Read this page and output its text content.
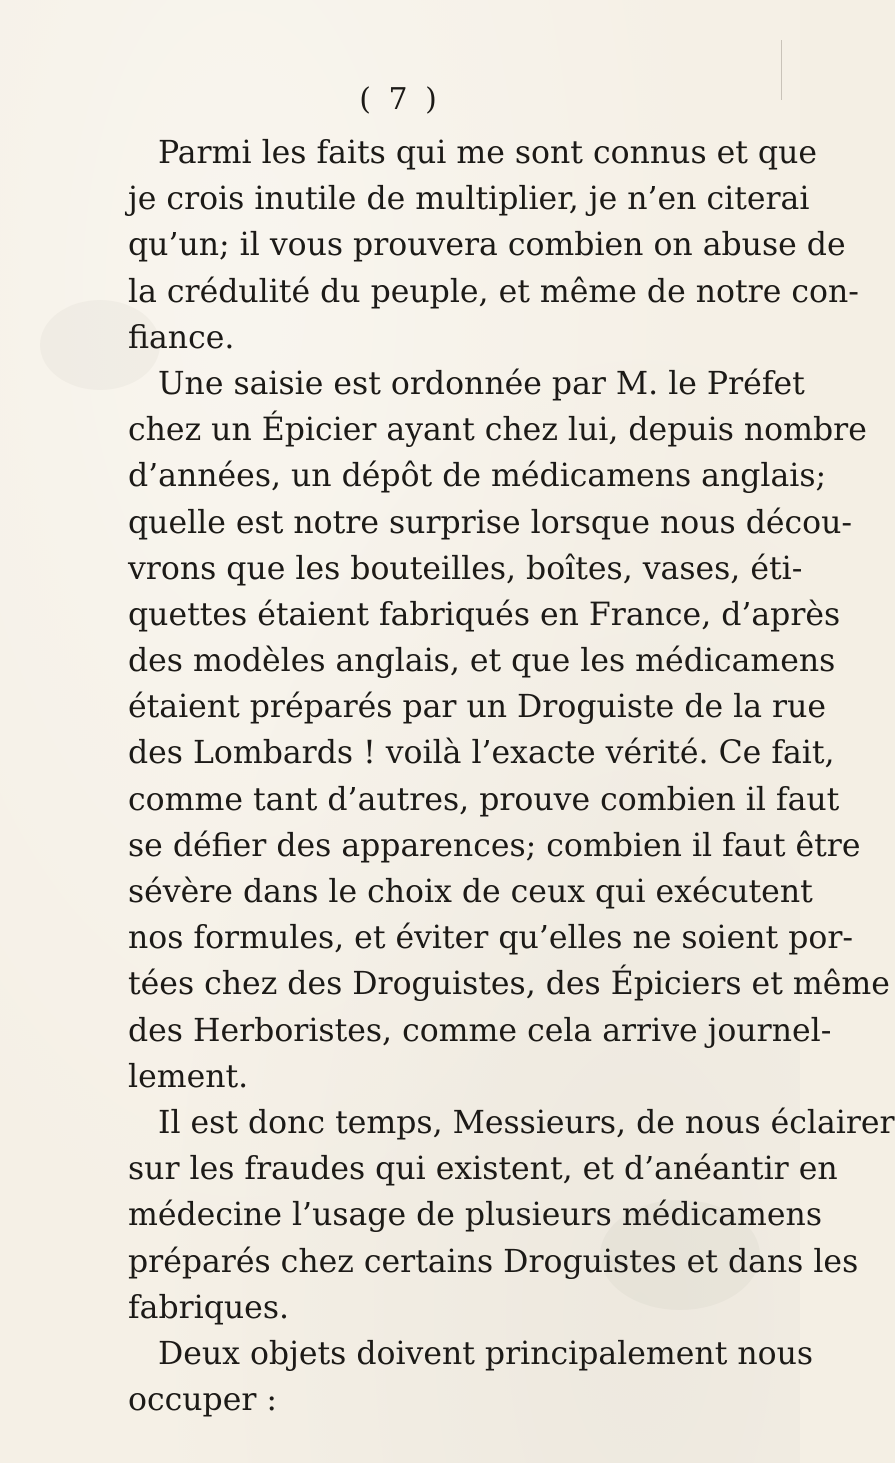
( 7 )
Parmi les faits qui me sont connus et que
je crois inutile de multiplier, je n’en citerai
qu’un; il vous prouvera combien on abuse de
la crédulité du peuple, et même de notre con-
fiance.
Une saisie est ordonnée par M. le Préfet
chez un Épicier ayant chez lui, depuis nombre
d’années, un dépôt de médicamens anglais;
quelle est notre surprise lorsque nous décou-
vrons que les bouteilles, boîtes, vases, éti-
quettes étaient fabriqués en France, d’après
des modèles anglais, et que les médicamens
étaient préparés par un Droguiste de la rue
des Lombards ! voilà l’exacte vérité. Ce fait,
comme tant d’autres, prouve combien il faut
se défier des apparences; combien il faut être
sévère dans le choix de ceux qui exécutent
nos formules, et éviter qu’elles ne soient por-
tées chez des Droguistes, des Épiciers et même
des Herboristes, comme cela arrive journel-
lement.
Il est donc temps, Messieurs, de nous éclairer
sur les fraudes qui existent, et d’anéantir en
médecine l’usage de plusieurs médicamens
préparés chez certains Droguistes et dans les
fabriques.
Deux objets doivent principalement nous
occuper :
